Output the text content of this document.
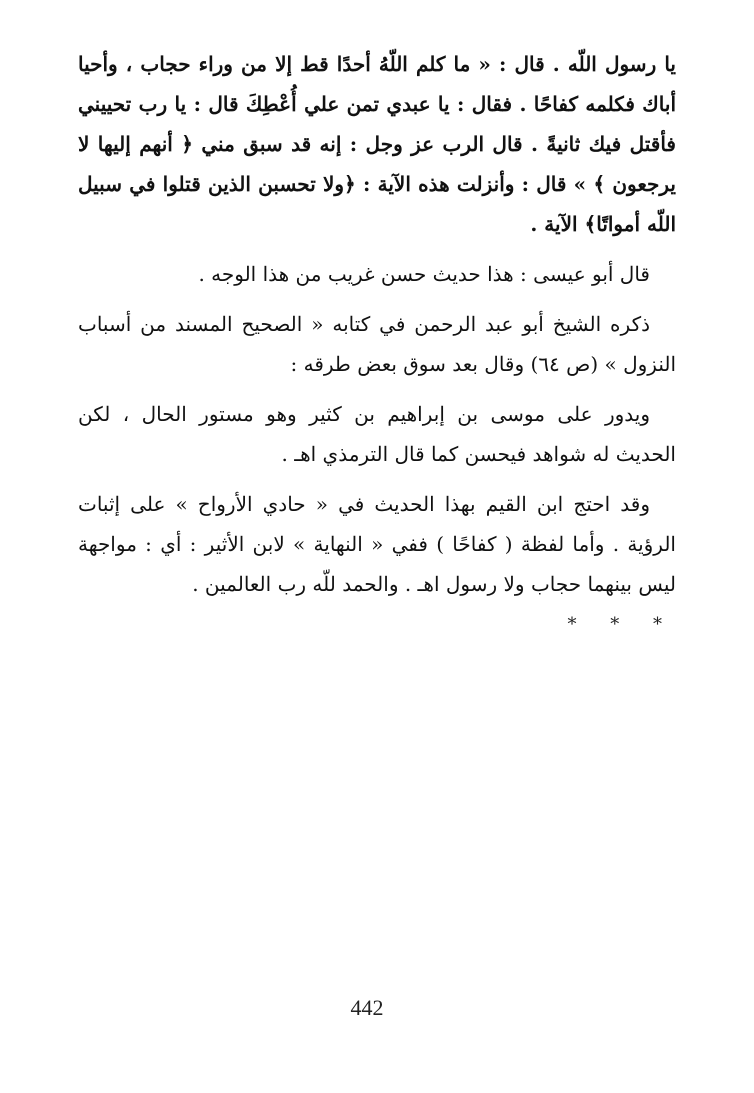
يا رسول اللّه . قال : « ما كلم اللّهُ أحدًا قط إلا من وراء حجاب ، وأحيا أباك فكلمه كفاحًا . فقال : يا عبدي تمن علي أُعْطِكَ قال : يا رب تحييني فأقتل فيك ثانيةً . قال الرب عز وجل : إنه قد سبق مني ﴿ أنهم إليها لا يرجعون ﴾ » قال : وأنزلت هذه الآية : ﴿ولا تحسبن الذين قتلوا في سبيل اللّه أمواتًا﴾ الآية .

قال أبو عيسى : هذا حديث حسن غريب من هذا الوجه .

ذكره الشيخ أبو عبد الرحمن في كتابه « الصحيح المسند من أسباب النزول » (ص ٦٤) وقال بعد سوق بعض طرقه :

ويدور على موسى بن إبراهيم بن كثير وهو مستور الحال ، لكن الحديث له شواهد فيحسن كما قال الترمذي اهـ .

وقد احتج ابن القيم بهذا الحديث في « حادي الأرواح » على إثبات الرؤية . وأما لفظة ( كفاحًا ) ففي « النهاية » لابن الأثير : أي : مواجهة ليس بينهما حجاب ولا رسول اهـ . والحمد للّه رب العالمين .

* * *
442
